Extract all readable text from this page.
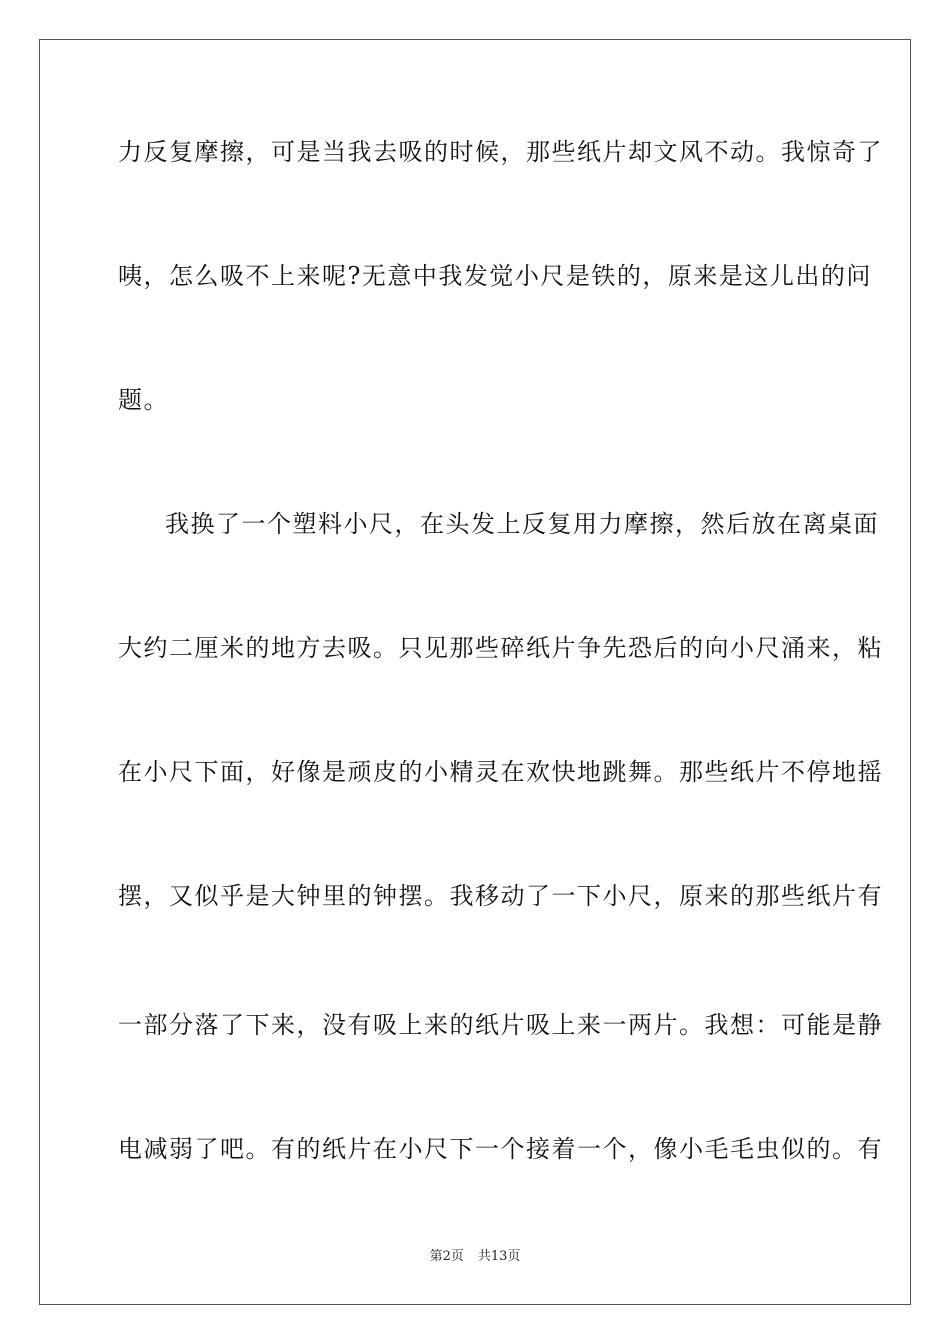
力反复摩擦，可是当我去吸的时候，那些纸片却文风不动。我惊奇了
咦，怎么吸不上来呢?无意中我发觉小尺是铁的，原来是这儿出的问
题。
我换了一个塑料小尺，在头发上反复用力摩擦，然后放在离桌面
大约二厘米的地方去吸。只见那些碎纸片争先恐后的向小尺涌来，粘
在小尺下面，好像是顽皮的小精灵在欢快地跳舞。那些纸片不停地摇
摆，又似乎是大钟里的钟摆。我移动了一下小尺，原来的那些纸片有
一部分落了下来，没有吸上来的纸片吸上来一两片。我想：可能是静
电减弱了吧。有的纸片在小尺下一个接着一个，像小毛毛虫似的。有
第2页 共13页
